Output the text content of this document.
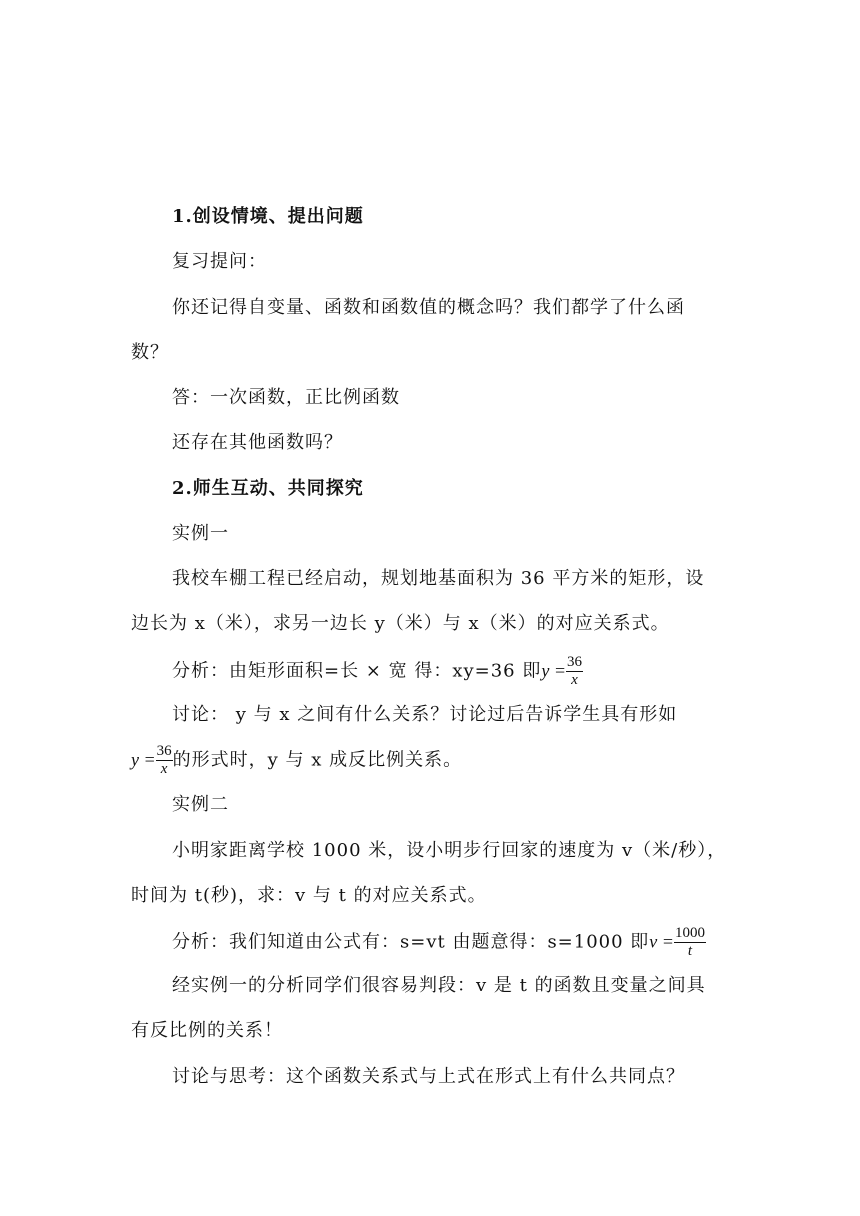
1.创设情境、提出问题
复习提问：
你还记得自变量、函数和函数值的概念吗？我们都学了什么函
数？
答：一次函数，正比例函数
还存在其他函数吗？
2.师生互动、共同探究
实例一
我校车棚工程已经启动，规划地基面积为 36 平方米的矩形，设
边长为 x（米），求另一边长 y（米）与 x（米）的对应关系式。
分析：由矩形面积=长 × 宽 得：xy=36 即$y = \frac{36}{x}$
讨论： y 与 x 之间有什么关系？讨论过后告诉学生具有形如
$y = \frac{36}{x}$ 的形式时，y 与 x 成反比例关系。
实例二
小明家距离学校 1000 米，设小明步行回家的速度为 v（米/秒），
时间为 t(秒)，求：v 与 t 的对应关系式。
分析：我们知道由公式有：s=vt 由题意得：s=1000 即$v = \frac{1000}{t}$
经实例一的分析同学们很容易判段：v 是 t 的函数且变量之间具
有反比例的关系！
讨论与思考：这个函数关系式与上式在形式上有什么共同点？
